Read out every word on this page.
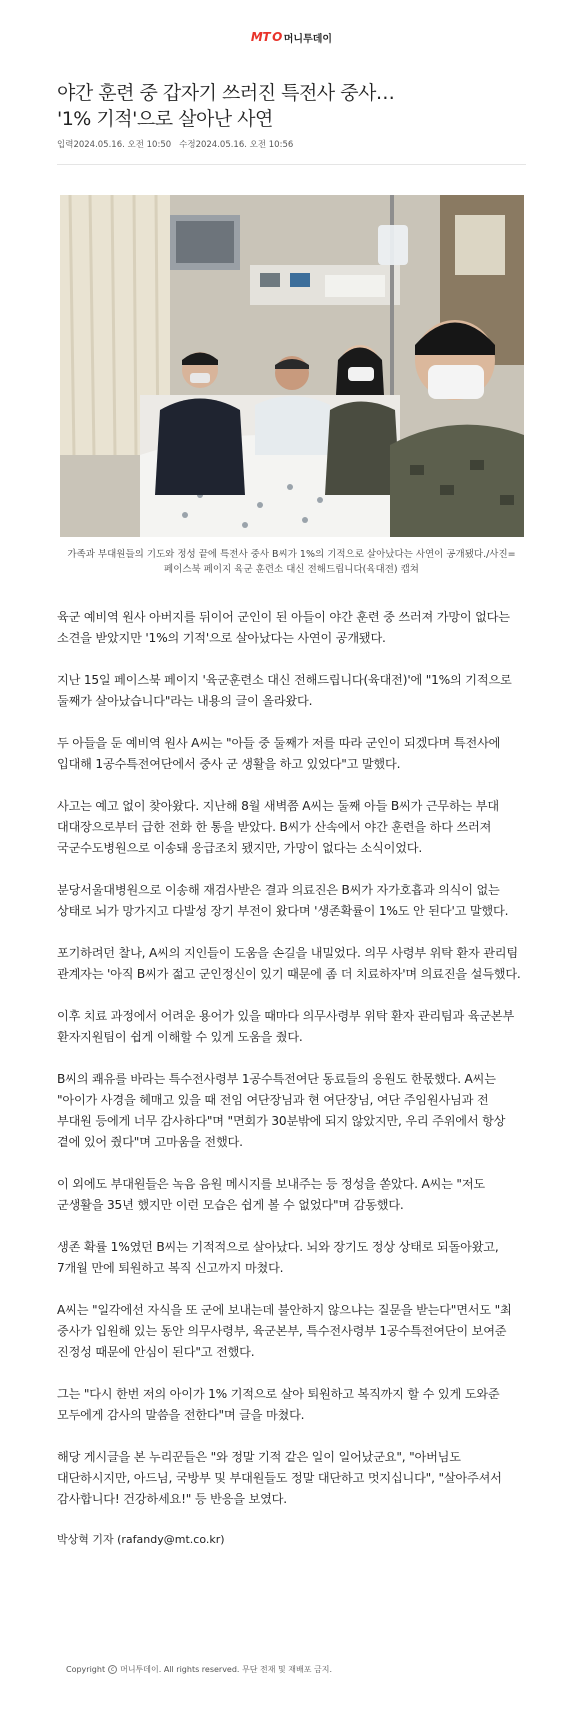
MT O 머니투데이
야간 훈련 중 갑자기 쓰러진 특전사 중사…
'1% 기적'으로 살아난 사연
입력2024.05.16. 오전 10:50 수정2024.05.16. 오전 10:56

가족과 부대원들의 기도와 정성 끝에 특전사 중사 B씨가 1%의 기적으로 살아났다는 사연이 공개됐다./사진=페이스북 페이지 육군 훈련소 대신 전해드립니다(육대전) 캡쳐

육군 예비역 원사 아버지를 뒤이어 군인이 된 아들이 야간 훈련 중 쓰러져 가망이 없다는 소견을 받았지만 '1%의 기적'으로 살아났다는 사연이 공개됐다.

지난 15일 페이스북 페이지 '육군훈련소 대신 전해드립니다(육대전)'에 "1%의 기적으로 둘째가 살아났습니다"라는 내용의 글이 올라왔다.

두 아들을 둔 예비역 원사 A씨는 "아들 중 둘째가 저를 따라 군인이 되겠다며 특전사에 입대해 1공수특전여단에서 중사 군 생활을 하고 있었다"고 말했다.

사고는 예고 없이 찾아왔다. 지난해 8월 새벽쯤 A씨는 둘째 아들 B씨가 근무하는 부대 대대장으로부터 급한 전화 한 통을 받았다. B씨가 산속에서 야간 훈련을 하다 쓰러져 국군수도병원으로 이송돼 응급조치 됐지만, 가망이 없다는 소식이었다.

분당서울대병원으로 이송해 재검사받은 결과 의료진은 B씨가 자가호흡과 의식이 없는 상태로 뇌가 망가지고 다발성 장기 부전이 왔다며 '생존확률이 1%도 안 된다'고 말했다.

포기하려던 찰나, A씨의 지인들이 도움을 손길을 내밀었다. 의무 사령부 위탁 환자 관리팀 관계자는 '아직 B씨가 젊고 군인정신이 있기 때문에 좀 더 치료하자'며 의료진을 설득했다.

이후 치료 과정에서 어려운 용어가 있을 때마다 의무사령부 위탁 환자 관리팀과 육군본부 환자지원팀이 쉽게 이해할 수 있게 도움을 줬다.

B씨의 쾌유를 바라는 특수전사령부 1공수특전여단 동료들의 응원도 한몫했다. A씨는 "아이가 사경을 헤매고 있을 때 전임 여단장님과 현 여단장님, 여단 주임원사님과 전 부대원 등에게 너무 감사하다"며 "면회가 30분밖에 되지 않았지만, 우리 주위에서 항상 곁에 있어 줬다"며 고마움을 전했다.

이 외에도 부대원들은 녹음 음원 메시지를 보내주는 등 정성을 쏟았다. A씨는 "저도 군생활을 35년 했지만 이런 모습은 쉽게 볼 수 없었다"며 감동했다.

생존 확률 1%였던 B씨는 기적적으로 살아났다. 뇌와 장기도 정상 상태로 되돌아왔고, 7개월 만에 퇴원하고 복직 신고까지 마쳤다.

A씨는 "일각에선 자식을 또 군에 보내는데 불안하지 않으냐는 질문을 받는다"면서도 "최 중사가 입원해 있는 동안 의무사령부, 육군본부, 특수전사령부 1공수특전여단이 보여준 진정성 때문에 안심이 된다"고 전했다.

그는 "다시 한번 저의 아이가 1% 기적으로 살아 퇴원하고 복직까지 할 수 있게 도와준 모두에게 감사의 말씀을 전한다"며 글을 마쳤다.

해당 게시글을 본 누리꾼들은 "와 정말 기적 같은 일이 일어났군요", "아버님도 대단하시지만, 아드님, 국방부 및 부대원들도 정말 대단하고 멋지십니다", "살아주셔서 감사합니다! 건강하세요!" 등 반응을 보였다.

박상혁 기자 (rafandy@mt.co.kr)

Copyright c 머니투데이. All rights reserved. 무단 전재 및 재배포 금지.
